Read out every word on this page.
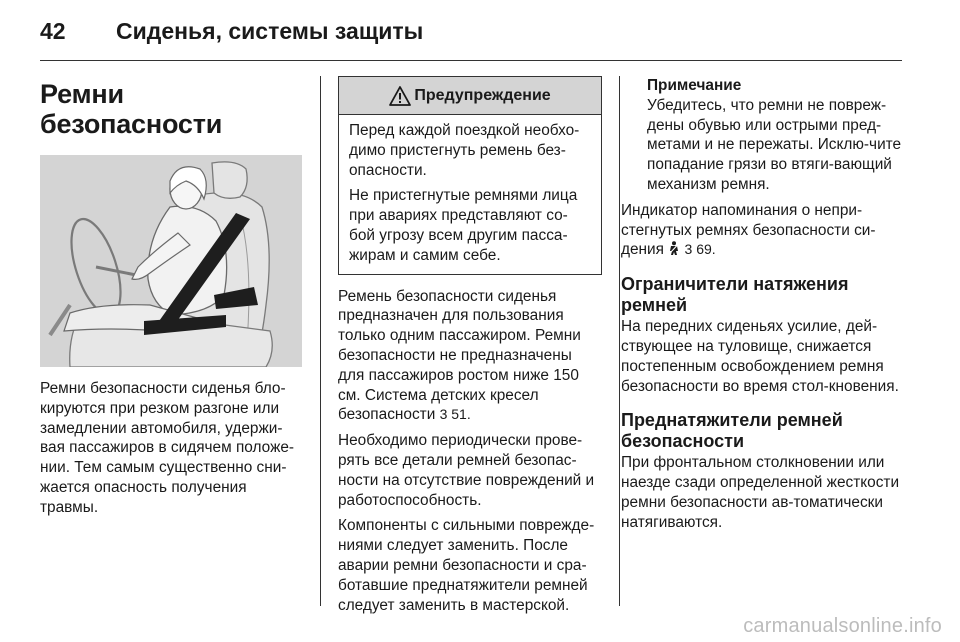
42	Сиденья, системы защиты
Ремни безопасности

Ремни безопасности сиденья бло-кируются при резком разгоне или замедлении автомобиля, удержи-вая пассажиров в сидячем положе-нии. Тем самым существенно сни-жается опасность получения травмы.

Предупреждение

Перед каждой поездкой необхо-димо пристегнуть ремень без-опасности.

Не пристегнутые ремнями лица при авариях представляют со-бой угрозу всем другим пасса-жирам и самим себе.

Ремень безопасности сиденья предназначен для пользования только одним пассажиром. Ремни безопасности не предназначены для пассажиров ростом ниже 150 см. Система детских кресел безопасности 3 51.

Необходимо периодически прове-рять все детали ремней безопас-ности на отсутствие повреждений и работоспособность.

Компоненты с сильными поврежде-ниями следует заменить. После аварии ремни безопасности и сра-ботавшие преднатяжители ремней следует заменить в мастерской.

Примечание
Убедитесь, что ремни не повреж-дены обувью или острыми пред-метами и не пережаты. Исклю-чите попадание грязи во втяги-вающий механизм ремня.

Индикатор напоминания о непри-стегнутых ремнях безопасности си-дения 3 69.

Ограничители натяжения ремней

На передних сиденьях усилие, дей-ствующее на туловище, снижается постепенным освобождением ремня безопасности во время стол-кновения.

Преднатяжители ремней безопасности

При фронтальном столкновении или наезде сзади определенной жесткости ремни безопасности ав-томатически натягиваются.

carmanualsonline.info
